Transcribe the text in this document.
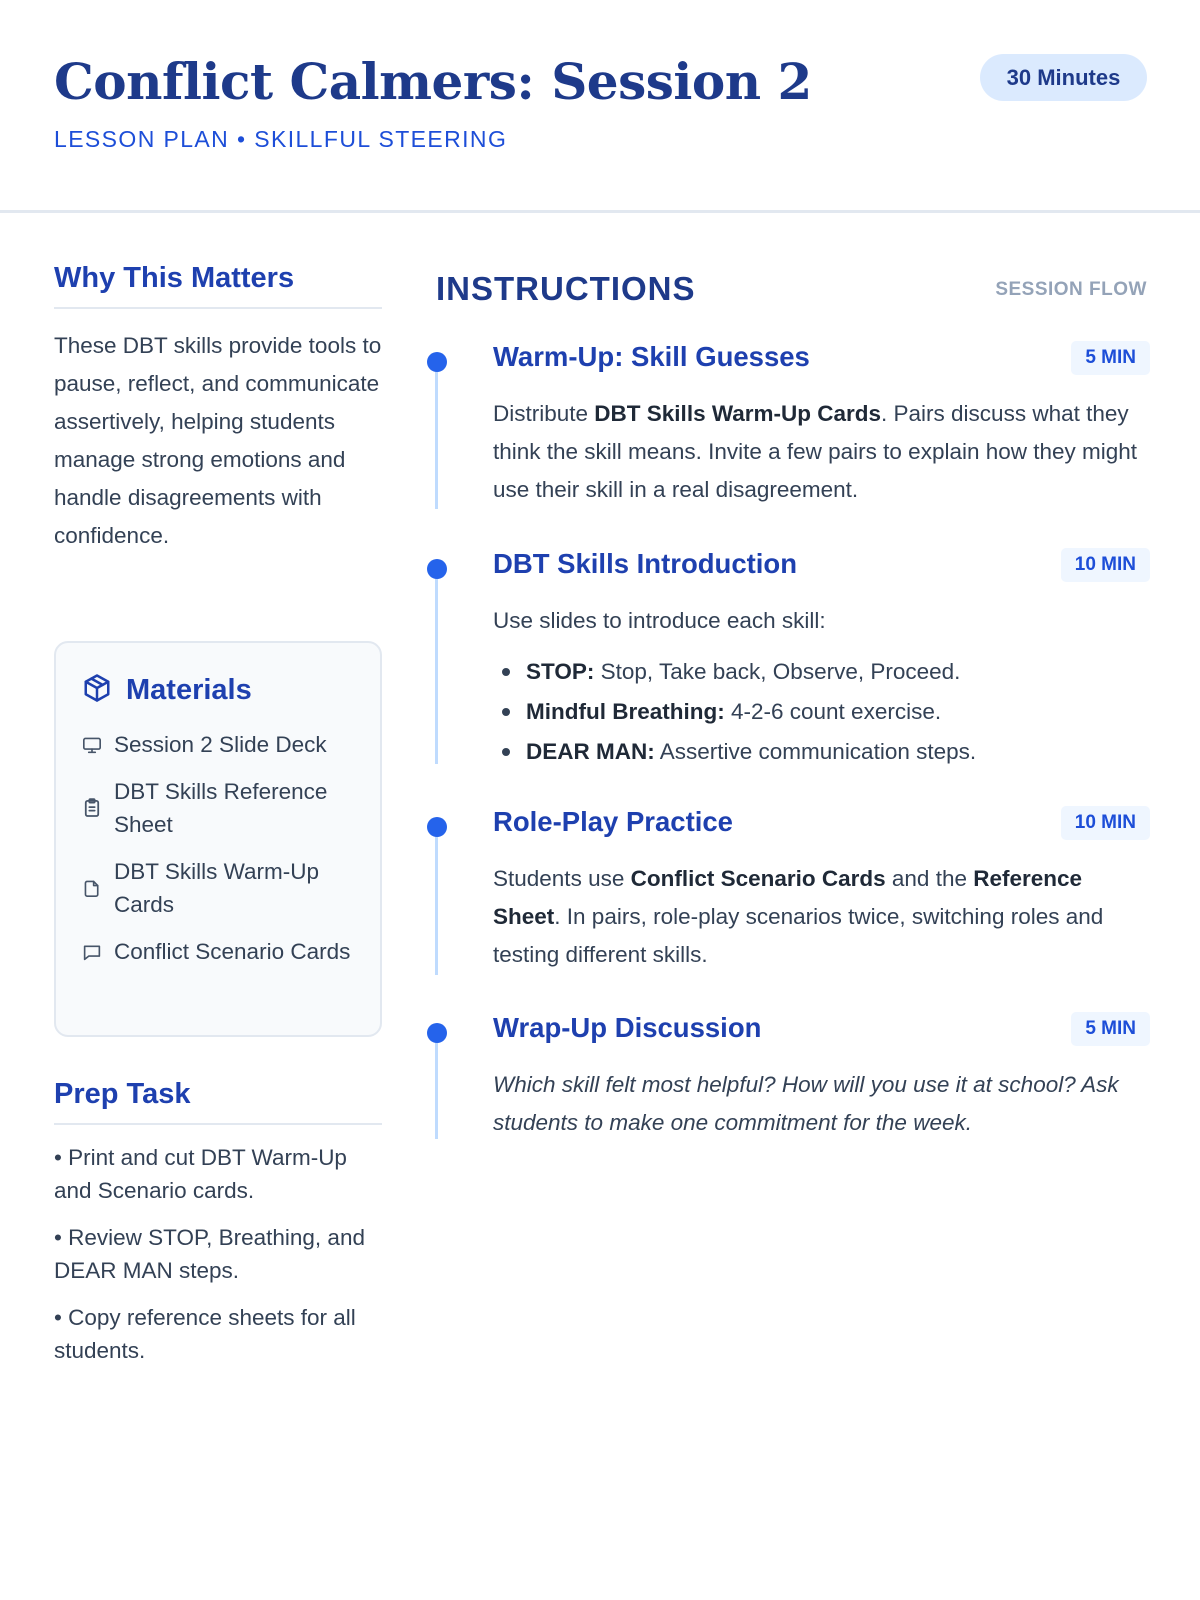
Conflict Calmers: Session 2
LESSON PLAN • SKILLFUL STEERING
30 Minutes
Why This Matters
These DBT skills provide tools to pause, reflect, and communicate assertively, helping students manage strong emotions and handle disagreements with confidence.
Materials
Session 2 Slide Deck
DBT Skills Reference Sheet
DBT Skills Warm-Up Cards
Conflict Scenario Cards
Prep Task
• Print and cut DBT Warm-Up and Scenario cards.
• Review STOP, Breathing, and DEAR MAN steps.
• Copy reference sheets for all students.
INSTRUCTIONS	SESSION FLOW
Warm-Up: Skill Guesses	5 MIN
Distribute DBT Skills Warm-Up Cards. Pairs discuss what they think the skill means. Invite a few pairs to explain how they might use their skill in a real disagreement.
DBT Skills Introduction	10 MIN
Use slides to introduce each skill:
STOP: Stop, Take back, Observe, Proceed.
Mindful Breathing: 4-2-6 count exercise.
DEAR MAN: Assertive communication steps.
Role-Play Practice	10 MIN
Students use Conflict Scenario Cards and the Reference Sheet. In pairs, role-play scenarios twice, switching roles and testing different skills.
Wrap-Up Discussion	5 MIN
Which skill felt most helpful? How will you use it at school? Ask students to make one commitment for the week.
